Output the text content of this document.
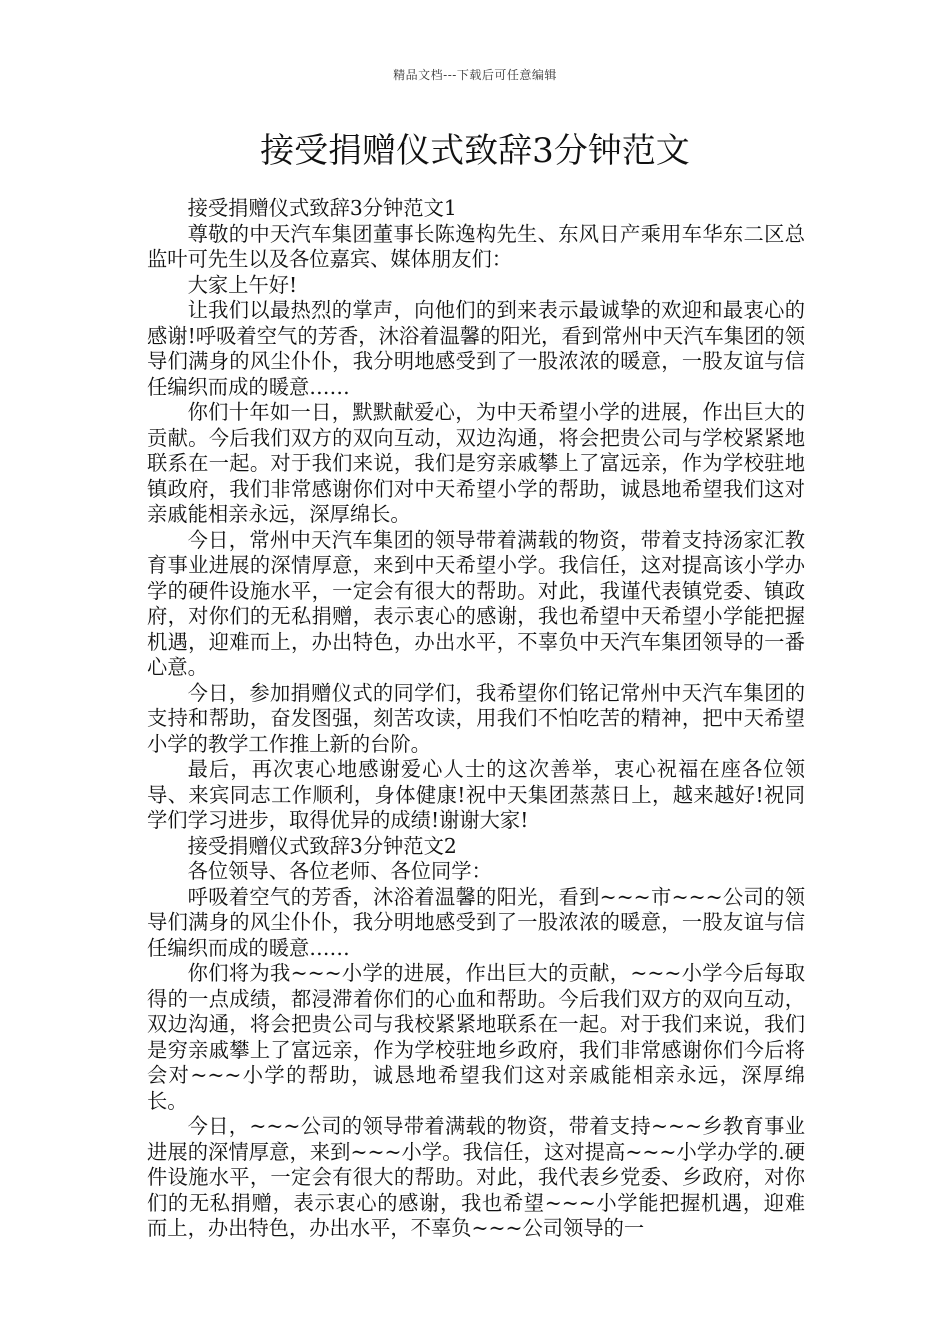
精品文档---下载后可任意编辑
接受捐赠仪式致辞3分钟范文

接受捐赠仪式致辞3分钟范文1

尊敬的中天汽车集团董事长陈逸构先生、东风日产乘用车华东二区总监叶可先生以及各位嘉宾、媒体朋友们：

大家上午好!

让我们以最热烈的掌声，向他们的到来表示最诚挚的欢迎和最衷心的感谢!呼吸着空气的芳香，沐浴着温馨的阳光，看到常州中天汽车集团的领导们满身的风尘仆仆，我分明地感受到了一股浓浓的暖意，一股友谊与信任编织而成的暖意……

你们十年如一日，默默献爱心，为中天希望小学的进展，作出巨大的贡献。今后我们双方的双向互动，双边沟通，将会把贵公司与学校紧紧地联系在一起。对于我们来说，我们是穷亲戚攀上了富远亲，作为学校驻地镇政府，我们非常感谢你们对中天希望小学的帮助，诚恳地希望我们这对亲戚能相亲永远，深厚绵长。

今日，常州中天汽车集团的领导带着满载的物资，带着支持汤家汇教育事业进展的深情厚意，来到中天希望小学。我信任，这对提高该小学办学的硬件设施水平，一定会有很大的帮助。对此，我谨代表镇党委、镇政府，对你们的无私捐赠，表示衷心的感谢，我也希望中天希望小学能把握机遇，迎难而上，办出特色，办出水平，不辜负中天汽车集团领导的一番心意。

今日，参加捐赠仪式的同学们，我希望你们铭记常州中天汽车集团的支持和帮助，奋发图强，刻苦攻读，用我们不怕吃苦的精神，把中天希望小学的教学工作推上新的台阶。

最后，再次衷心地感谢爱心人士的这次善举，衷心祝福在座各位领导、来宾同志工作顺利，身体健康!祝中天集团蒸蒸日上，越来越好!祝同学们学习进步，取得优异的成绩!谢谢大家!

接受捐赠仪式致辞3分钟范文2

各位领导、各位老师、各位同学：

呼吸着空气的芳香，沐浴着温馨的阳光，看到~~~市~~~公司的领导们满身的风尘仆仆，我分明地感受到了一股浓浓的暖意，一股友谊与信任编织而成的暖意……

你们将为我~~~小学的进展，作出巨大的贡献，~~~小学今后每取得的一点成绩，都浸滞着你们的心血和帮助。今后我们双方的双向互动，双边沟通，将会把贵公司与我校紧紧地联系在一起。对于我们来说，我们是穷亲戚攀上了富远亲，作为学校驻地乡政府，我们非常感谢你们今后将会对~~~小学的帮助，诚恳地希望我们这对亲戚能相亲永远，深厚绵长。

今日，~~~公司的领导带着满载的物资，带着支持~~~乡教育事业进展的深情厚意，来到~~~小学。我信任，这对提高~~~小学办学的.硬件设施水平，一定会有很大的帮助。对此，我代表乡党委、乡政府，对你们的无私捐赠，表示衷心的感谢，我也希望~~~小学能把握机遇，迎难而上，办出特色，办出水平，不辜负~~~公司领导的一
